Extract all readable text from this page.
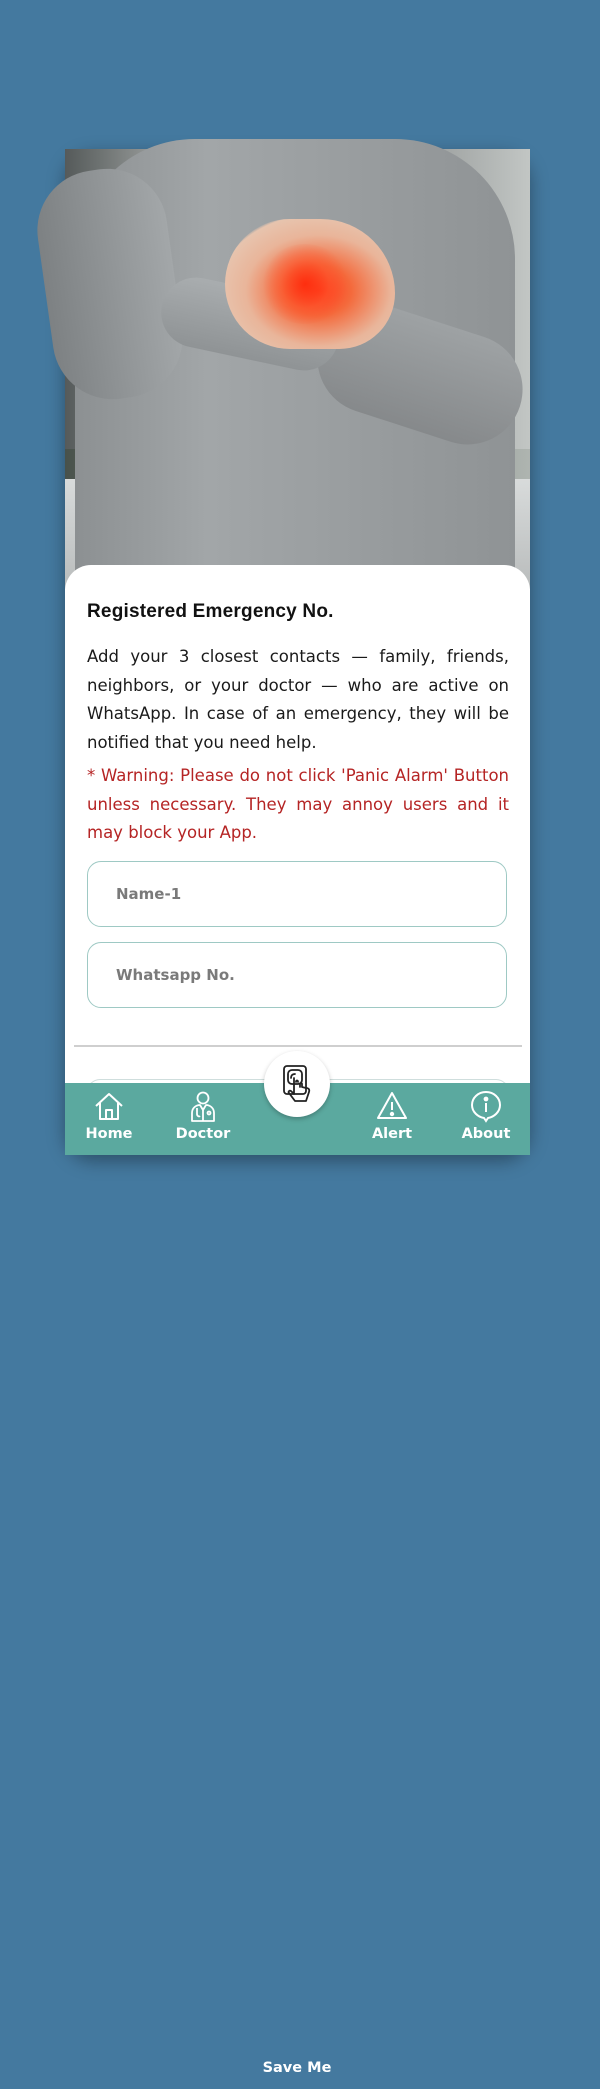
Registered Emergency No.

Add your 3 closest contacts — family, friends, neighbors, or your doctor — who are active on WhatsApp. In case of an emergency, they will be notified that you need help.

* Warning: Please do not click 'Panic Alarm' Button unless necessary. They may annoy users and it may block your App.

Name-1
Whatsapp No.
Home	Doctor
Save Me
Alert	About
